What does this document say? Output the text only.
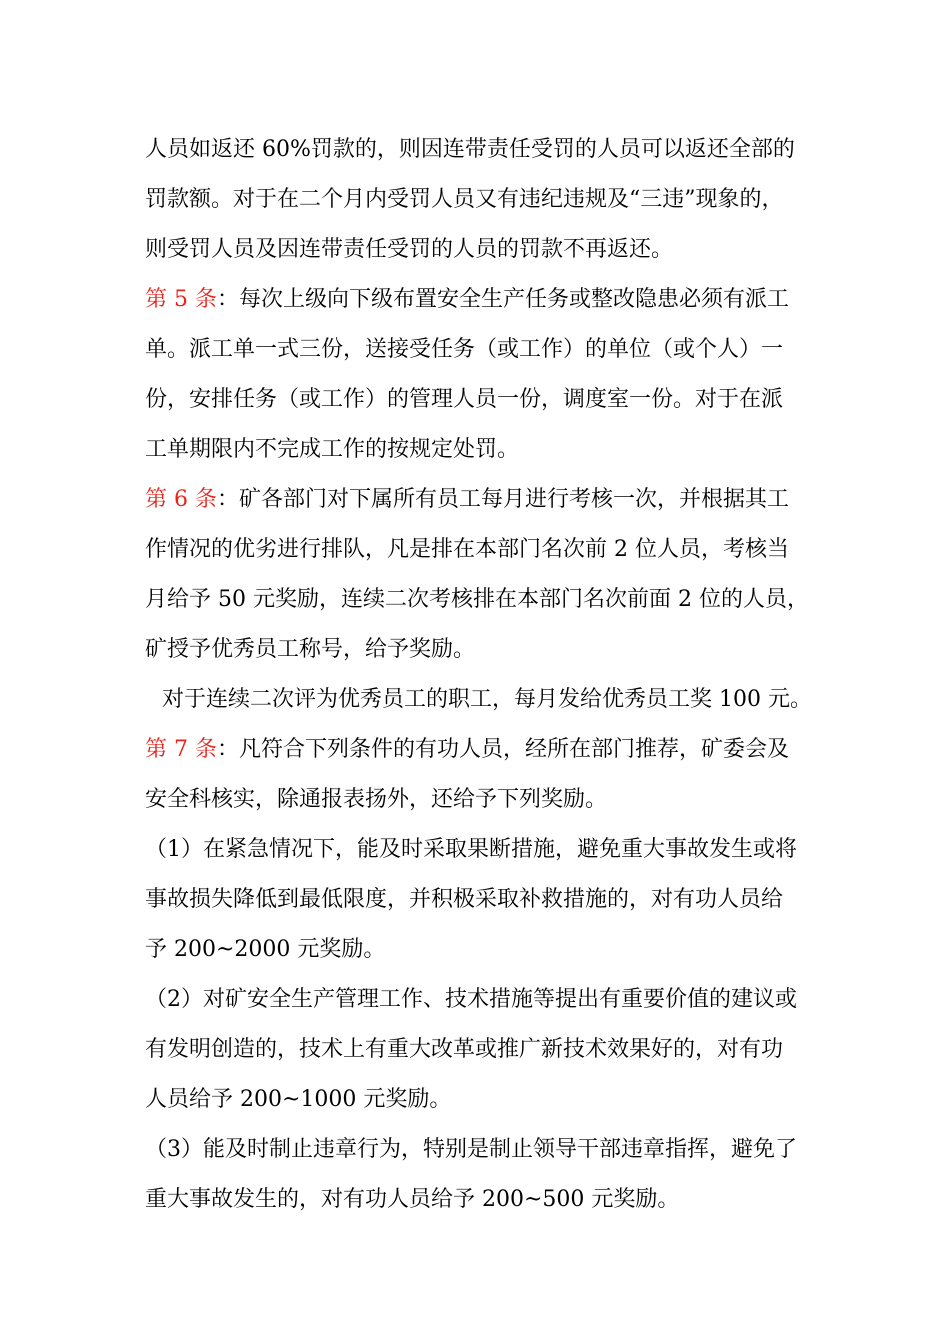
人员如返还 60%罚款的，则因连带责任受罚的人员可以返还全部的
罚款额。对于在二个月内受罚人员又有违纪违规及“三违”现象的，
则受罚人员及因连带责任受罚的人员的罚款不再返还。
第 5 条：每次上级向下级布置安全生产任务或整改隐患必须有派工
单。派工单一式三份，送接受任务（或工作）的单位（或个人）一
份，安排任务（或工作）的管理人员一份，调度室一份。对于在派
工单期限内不完成工作的按规定处罚。
第 6 条：矿各部门对下属所有员工每月进行考核一次，并根据其工
作情况的优劣进行排队，凡是排在本部门名次前 2 位人员，考核当
月给予 50 元奖励，连续二次考核排在本部门名次前面 2 位的人员，
矿授予优秀员工称号，给予奖励。
对于连续二次评为优秀员工的职工，每月发给优秀员工奖 100 元。
第 7 条：凡符合下列条件的有功人员，经所在部门推荐，矿委会及
安全科核实，除通报表扬外，还给予下列奖励。
（1）在紧急情况下，能及时采取果断措施，避免重大事故发生或将
事故损失降低到最低限度，并积极采取补救措施的，对有功人员给
予 200~2000 元奖励。
（2）对矿安全生产管理工作、技术措施等提出有重要价值的建议或
有发明创造的，技术上有重大改革或推广新技术效果好的，对有功
人员给予 200~1000 元奖励。
（3）能及时制止违章行为，特别是制止领导干部违章指挥，避免了
重大事故发生的，对有功人员给予 200~500 元奖励。
